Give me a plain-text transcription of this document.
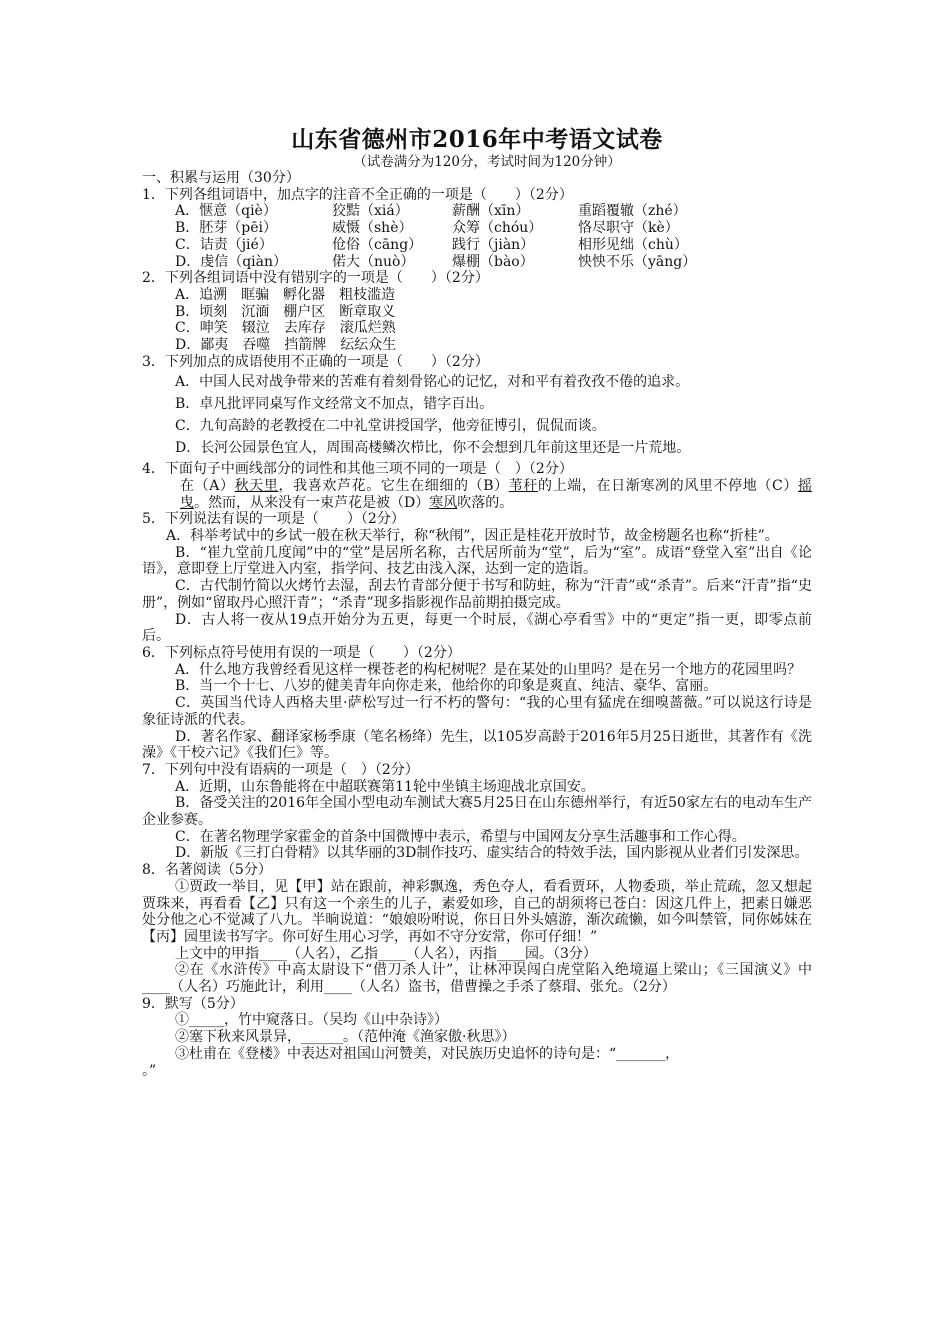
山东省德州市2016年中考语文试卷
（试卷满分为120分，考试时间为120分钟）
一、积累与运用（30分）
1．下列各组词语中，加点字的注音不全正确的一项是（　　）（2分）
A．惬意（qiè）	狡黠（xiá）	薪酬（xīn）	重蹈覆辙（zhé）
B．胚芽（pēi）	威慑（shè）	众筹（chóu）	恪尽职守（kè）
C．诘责（jié）	伧俗（cāng）	践行（jiàn）	相形见绌（chù）
D．虔信（qiàn）	偌大（nuò）	爆棚（bào）	怏怏不乐（yāng）
2．下列各组词语中没有错别字的一项是（　　）（2分）
A．追溯　眶骗　孵化器　粗枝滥造
B．顷刻　沉湎　棚户区　断章取义
C．呻笑　辍泣　去库存　滚瓜烂熟
D．鄙夷　吞噬　挡箭牌　纭纭众生
3．下列加点的成语使用不正确的一项是（　　）（2分）
A．中国人民对战争带来的苦难有着刻骨铭心的记忆，对和平有着孜孜不倦的追求。
B．卓凡批评同桌写作文经常文不加点，错字百出。
C．九旬高龄的老教授在二中礼堂讲授国学，他旁征博引，侃侃而谈。
D．长河公园景色宜人，周围高楼鳞次栉比，你不会想到几年前这里还是一片荒地。
4．下面句子中画线部分的词性和其他三项不同的一项是（　）（2分）
在（A）秋天里，我喜欢芦花。它生在细细的（B）苇秆的上端，在日渐寒冽的风里不停地（C）摇曳。然而，从来没有一束芦花是被（D）寒风吹落的。
5．下列说法有误的一项是（　　）（2分）
A．科举考试中的乡试一般在秋天举行，称“秋闱”，因正是桂花开放时节，故金榜题名也称“折桂”。
B．“崔九堂前几度闻”中的“堂”是居所名称，古代居所前为“堂”，后为“室”。成语“登堂入室”出自《论语》，意即登上厅堂进入内室，指学问、技艺由浅入深，达到一定的造诣。
C．古代制竹简以火烤竹去湿，刮去竹青部分便于书写和防蛀，称为“汗青”或“杀青”。后来“汗青”指“史册”，例如“留取丹心照汗青”；“杀青”现多指影视作品前期拍摄完成。
D．古人将一夜从19点开始分为五更，每更一个时辰，《湖心亭看雪》中的“更定”指一更，即零点前后。
6．下列标点符号使用有误的一项是（　　）（2分）
A．什么地方我曾经看见这样一棵苍老的构杞树呢？是在某处的山里吗？是在另一个地方的花园里吗？
B．当一个十七、八岁的健美青年向你走来，他给你的印象是爽直、纯洁、豪华、富丽。
C．英国当代诗人西格夫里·萨松写过一行不朽的警句：“我的心里有猛虎在细嗅蔷薇。”可以说这行诗是象征诗派的代表。
D．著名作家、翻译家杨季康（笔名杨绛）先生，以105岁高龄于2016年5月25日逝世，其著作有《洗澡》《干校六记》《我们仨》等。
7．下列句中没有语病的一项是（　）（2分）
A．近期，山东鲁能将在中超联赛第11轮中坐镇主场迎战北京国安。
B．备受关注的2016年全国小型电动车测试大赛5月25日在山东德州举行，有近50家左右的电动车生产企业参赛。
C．在著名物理学家霍金的首条中国微博中表示，希望与中国网友分享生活趣事和工作心得。
D．新版《三打白骨精》以其华丽的3D制作技巧、虚实结合的特效手法，国内影视从业者们引发深思。
8．名著阅读（5分）
①贾政一举目，见【甲】站在跟前，神彩飘逸，秀色夺人，看看贾环，人物委琐，举止荒疏，忽又想起贾珠来，再看看【乙】只有这一个亲生的儿子，素爱如珍，自己的胡须将已苍白：因这几件上，把素日嫌恶处分他之心不觉减了八九。半晌说道：“娘娘吩咐说，你日日外头嬉游，渐次疏懒，如今叫禁管，同你姊妹在【丙】园里读书写字。你可好生用心习学，再如不守分安常，你可仔细！”
上文中的甲指____（人名），乙指____（人名），丙指____园。（3分）
②在《水浒传》中高太尉设下“借刀杀人计”，让林冲误闯白虎堂陷入绝境逼上梁山；《三国演义》中____（人名）巧施此计，利用____（人名）盗书，借曹操之手杀了蔡瑁、张允。（2分）
9．默写（5分）
①_____，竹中窥落日。（吴均《山中杂诗》）
②塞下秋来风景异，______。（范仲淹《渔家傲·秋思》）
③杜甫在《登楼》中表达对祖国山河赞美，对民族历史追怀的诗句是：“_______，
。”
